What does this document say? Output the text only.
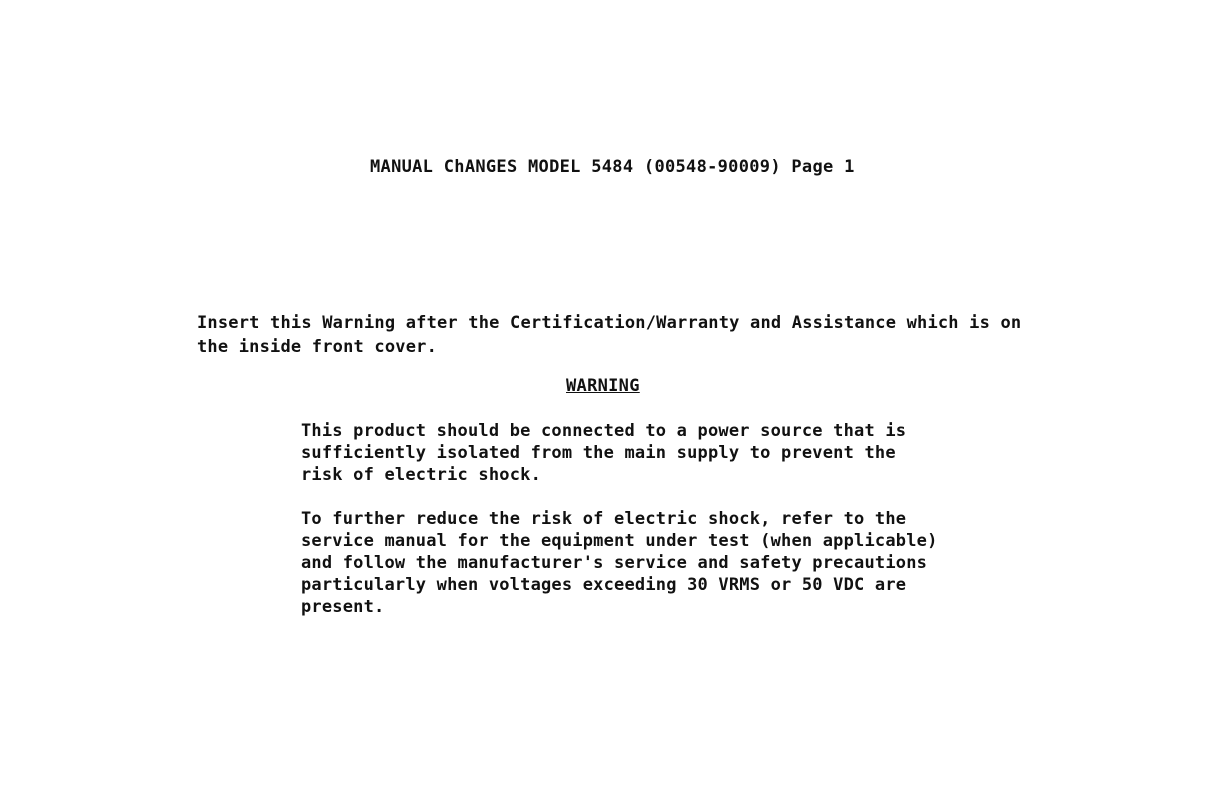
MANUAL ChANGES MODEL 5484 (00548-90009) Page 1
Insert this Warning after the Certification/Warranty and Assistance which is on
the inside front cover.
WARNING
This product should be connected to a power source that is
sufficiently isolated from the main supply to prevent the
risk of electric shock.
To further reduce the risk of electric shock, refer to the
service manual for the equipment under test (when applicable)
and follow the manufacturer's service and safety precautions
particularly when voltages exceeding 30 VRMS or 50 VDC are
present.
